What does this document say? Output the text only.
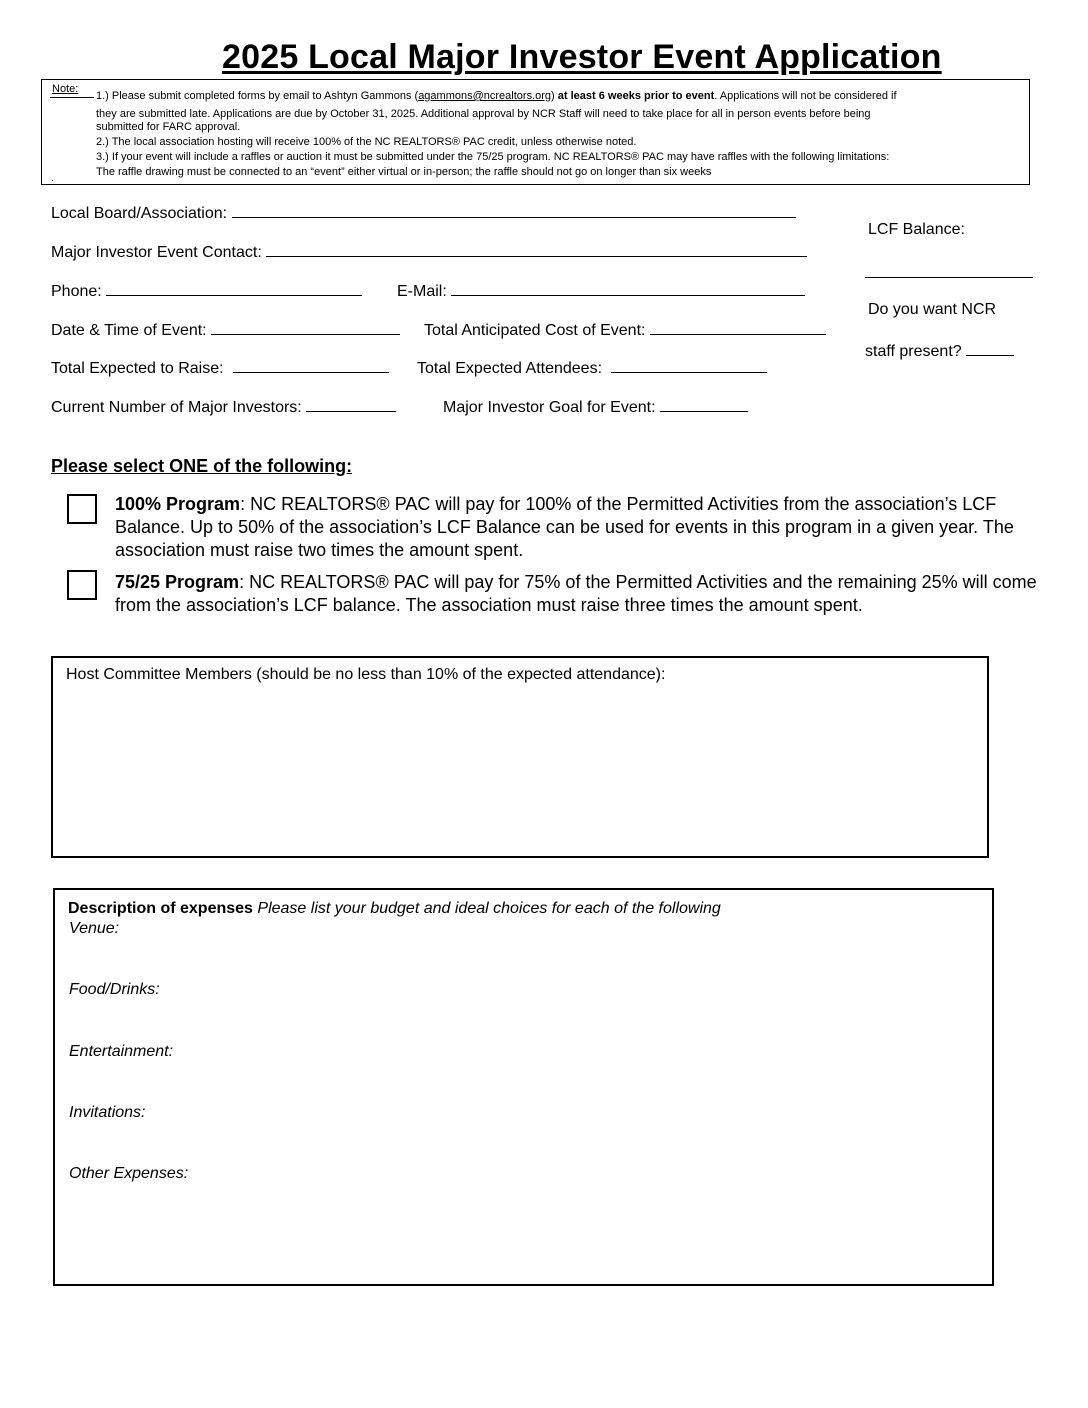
2025 Local Major Investor Event Application
Note:
1.) Please submit completed forms by email to Ashtyn Gammons (agammons@ncrealtors.org) at least 6 weeks prior to event. Applications will not be considered if
they are submitted late. Applications are due by October 31, 2025. Additional approval by NCR Staff will need to take place for all in person events before being
submitted for FARC approval.
2.) The local association hosting will receive 100% of the NC REALTORS® PAC credit, unless otherwise noted.
3.) If your event will include a raffles or auction it must be submitted under the 75/25 program. NC REALTORS® PAC may have raffles with the following limitations:
The raffle drawing must be connected to an “event” either virtual or in-person; the raffle should not go on longer than six weeks
.
Local Board/Association:
Major Investor Event Contact:
Phone:	E-Mail:
Date & Time of Event:	Total Anticipated Cost of Event:
Total Expected to Raise:	Total Expected Attendees:
Current Number of Major Investors:	Major Investor Goal for Event:
LCF Balance:
Do you want NCR
staff present?
Please select ONE of the following:
100% Program: NC REALTORS® PAC will pay for 100% of the Permitted Activities from the association’s LCF Balance. Up to 50% of the association’s LCF Balance can be used for events in this program in a given year. The association must raise two times the amount spent.
75/25 Program: NC REALTORS® PAC will pay for 75% of the Permitted Activities and the remaining 25% will come from the association’s LCF balance. The association must raise three times the amount spent.
Host Committee Members (should be no less than 10% of the expected attendance):
Description of expenses Please list your budget and ideal choices for each of the following
Venue:
Food/Drinks:
Entertainment:
Invitations:
Other Expenses:
